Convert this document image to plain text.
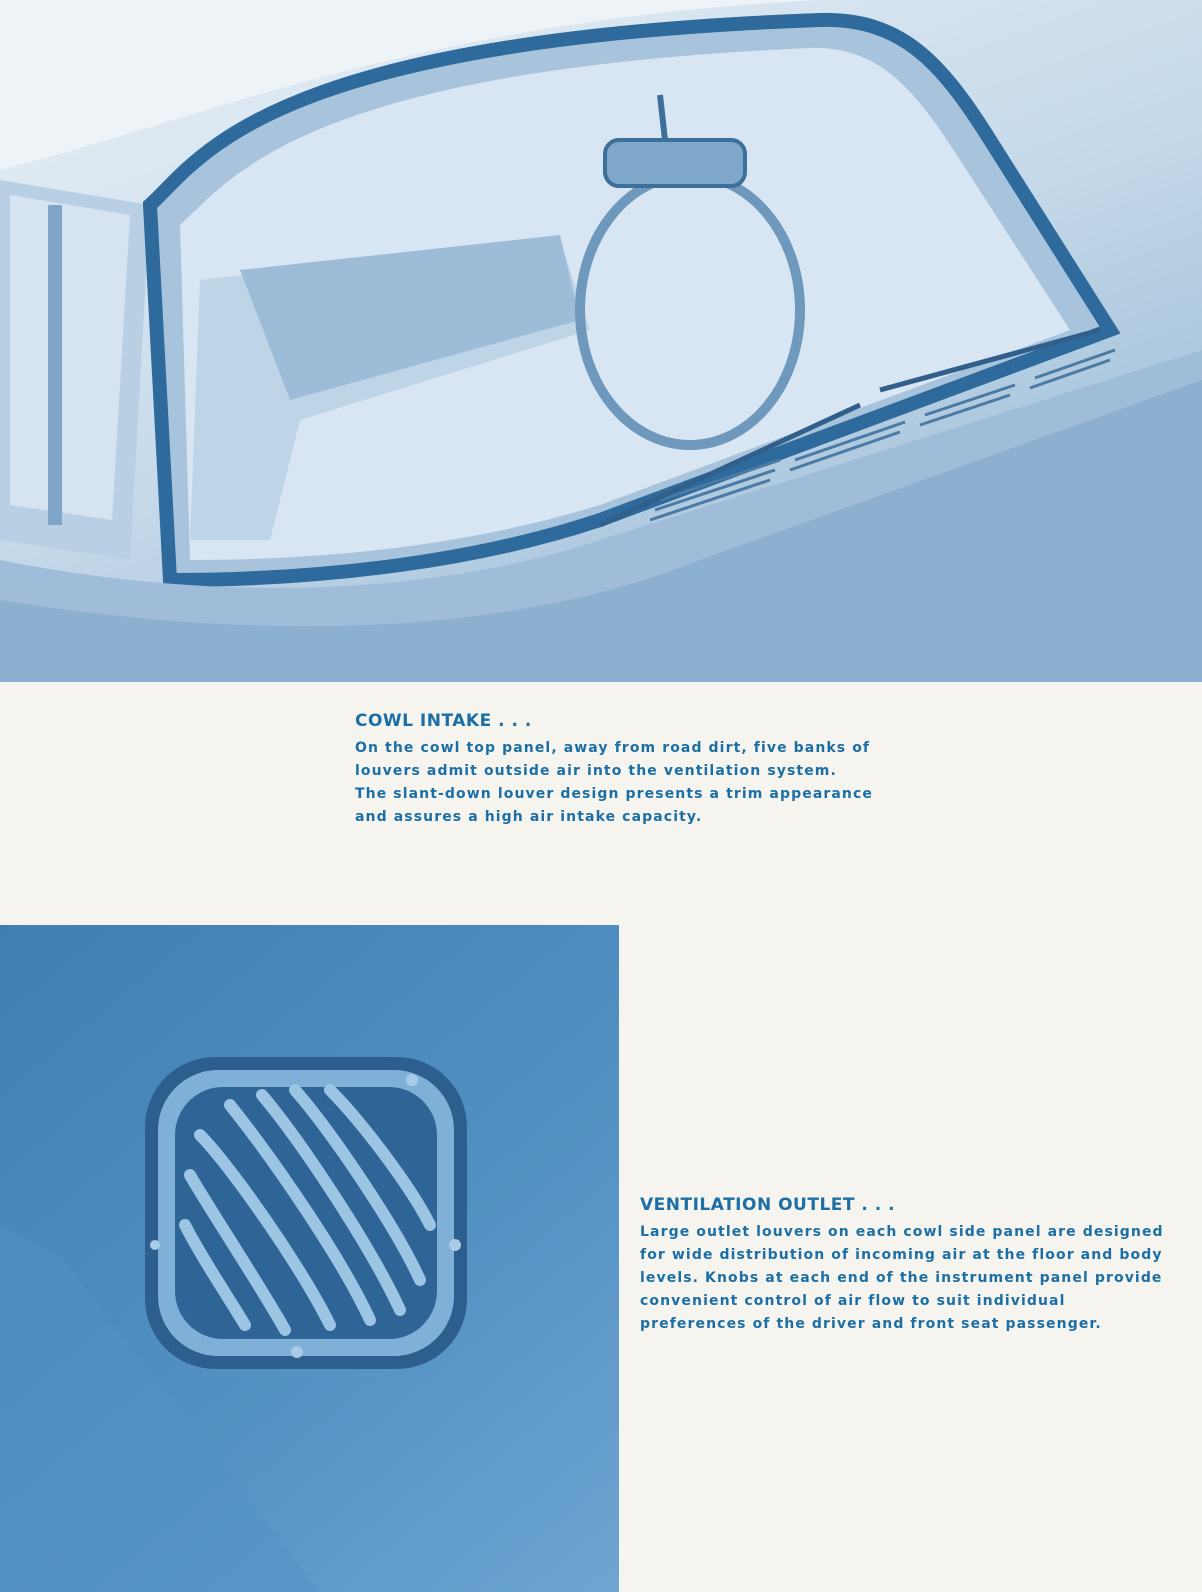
COWL INTAKE . . .

On the cowl top panel, away from road dirt, five banks of louvers admit outside air into the ventilation system. The slant-down louver design presents a trim appearance and assures a high air intake capacity.

VENTILATION OUTLET . . .

Large outlet louvers on each cowl side panel are designed for wide distribution of incoming air at the floor and body levels. Knobs at each end of the instrument panel provide convenient control of air flow to suit individual preferences of the driver and front seat passenger.
